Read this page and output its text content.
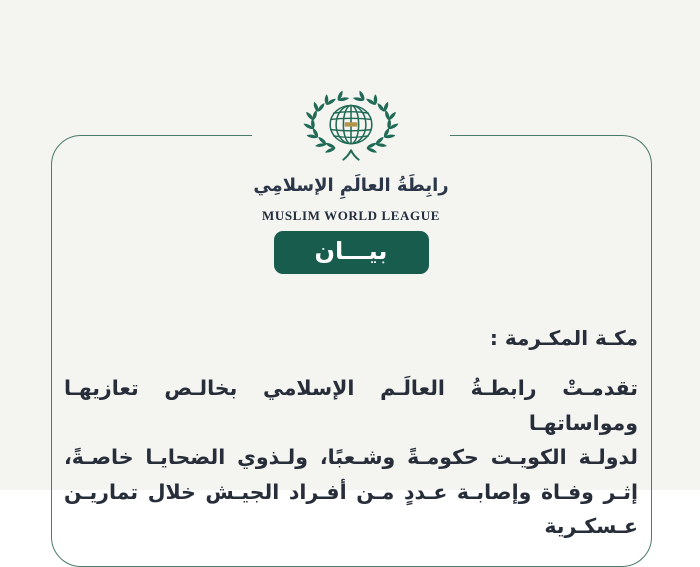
رابِطَةُ العالَمِ الإسلامِي
MUSLIM WORLD LEAGUE
بيـــان
مكـة المكـرمة :
تقدمـتْ رابطـةُ العالَـم الإسلامي بخالـص تعازيهـا ومواساتهـا
لدولـة الكويـت حكومـةً وشـعبًا، ولـذوي الضحايـا خاصـةً،
إثـر وفـاة وإصابـة عـددٍ مـن أفـراد الجيـش خلال تماريـن
عـسكـرية
